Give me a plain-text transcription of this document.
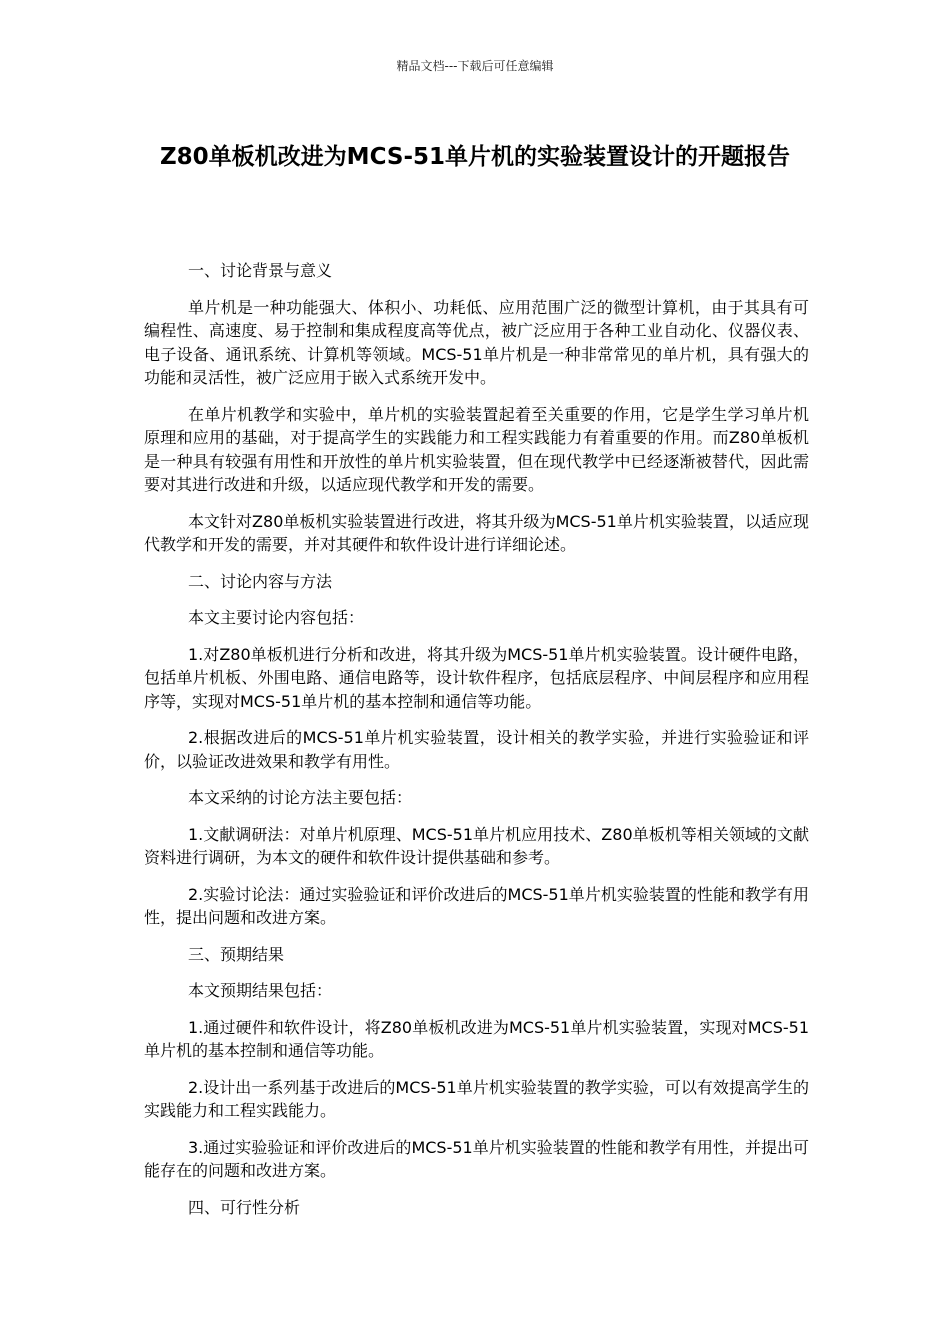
精品文档---下载后可任意编辑
Z80单板机改进为MCS-51单片机的实验装置设计的开题报告

一、讨论背景与意义

单片机是一种功能强大、体积小、功耗低、应用范围广泛的微型计算机，由于其具有可编程性、高速度、易于控制和集成程度高等优点，被广泛应用于各种工业自动化、仪器仪表、电子设备、通讯系统、计算机等领域。MCS-51单片机是一种非常常见的单片机，具有强大的功能和灵活性，被广泛应用于嵌入式系统开发中。

在单片机教学和实验中，单片机的实验装置起着至关重要的作用，它是学生学习单片机原理和应用的基础，对于提高学生的实践能力和工程实践能力有着重要的作用。而Z80单板机是一种具有较强有用性和开放性的单片机实验装置，但在现代教学中已经逐渐被替代，因此需要对其进行改进和升级，以适应现代教学和开发的需要。

本文针对Z80单板机实验装置进行改进，将其升级为MCS-51单片机实验装置，以适应现代教学和开发的需要，并对其硬件和软件设计进行详细论述。

二、讨论内容与方法

本文主要讨论内容包括：

1.对Z80单板机进行分析和改进，将其升级为MCS-51单片机实验装置。设计硬件电路，包括单片机板、外围电路、通信电路等，设计软件程序，包括底层程序、中间层程序和应用程序等，实现对MCS-51单片机的基本控制和通信等功能。

2.根据改进后的MCS-51单片机实验装置，设计相关的教学实验，并进行实验验证和评价，以验证改进效果和教学有用性。

本文采纳的讨论方法主要包括：

1.文献调研法：对单片机原理、MCS-51单片机应用技术、Z80单板机等相关领域的文献资料进行调研，为本文的硬件和软件设计提供基础和参考。

2.实验讨论法：通过实验验证和评价改进后的MCS-51单片机实验装置的性能和教学有用性，提出问题和改进方案。

三、预期结果

本文预期结果包括：

1.通过硬件和软件设计，将Z80单板机改进为MCS-51单片机实验装置，实现对MCS-51单片机的基本控制和通信等功能。

2.设计出一系列基于改进后的MCS-51单片机实验装置的教学实验，可以有效提高学生的实践能力和工程实践能力。

3.通过实验验证和评价改进后的MCS-51单片机实验装置的性能和教学有用性，并提出可能存在的问题和改进方案。

四、可行性分析
